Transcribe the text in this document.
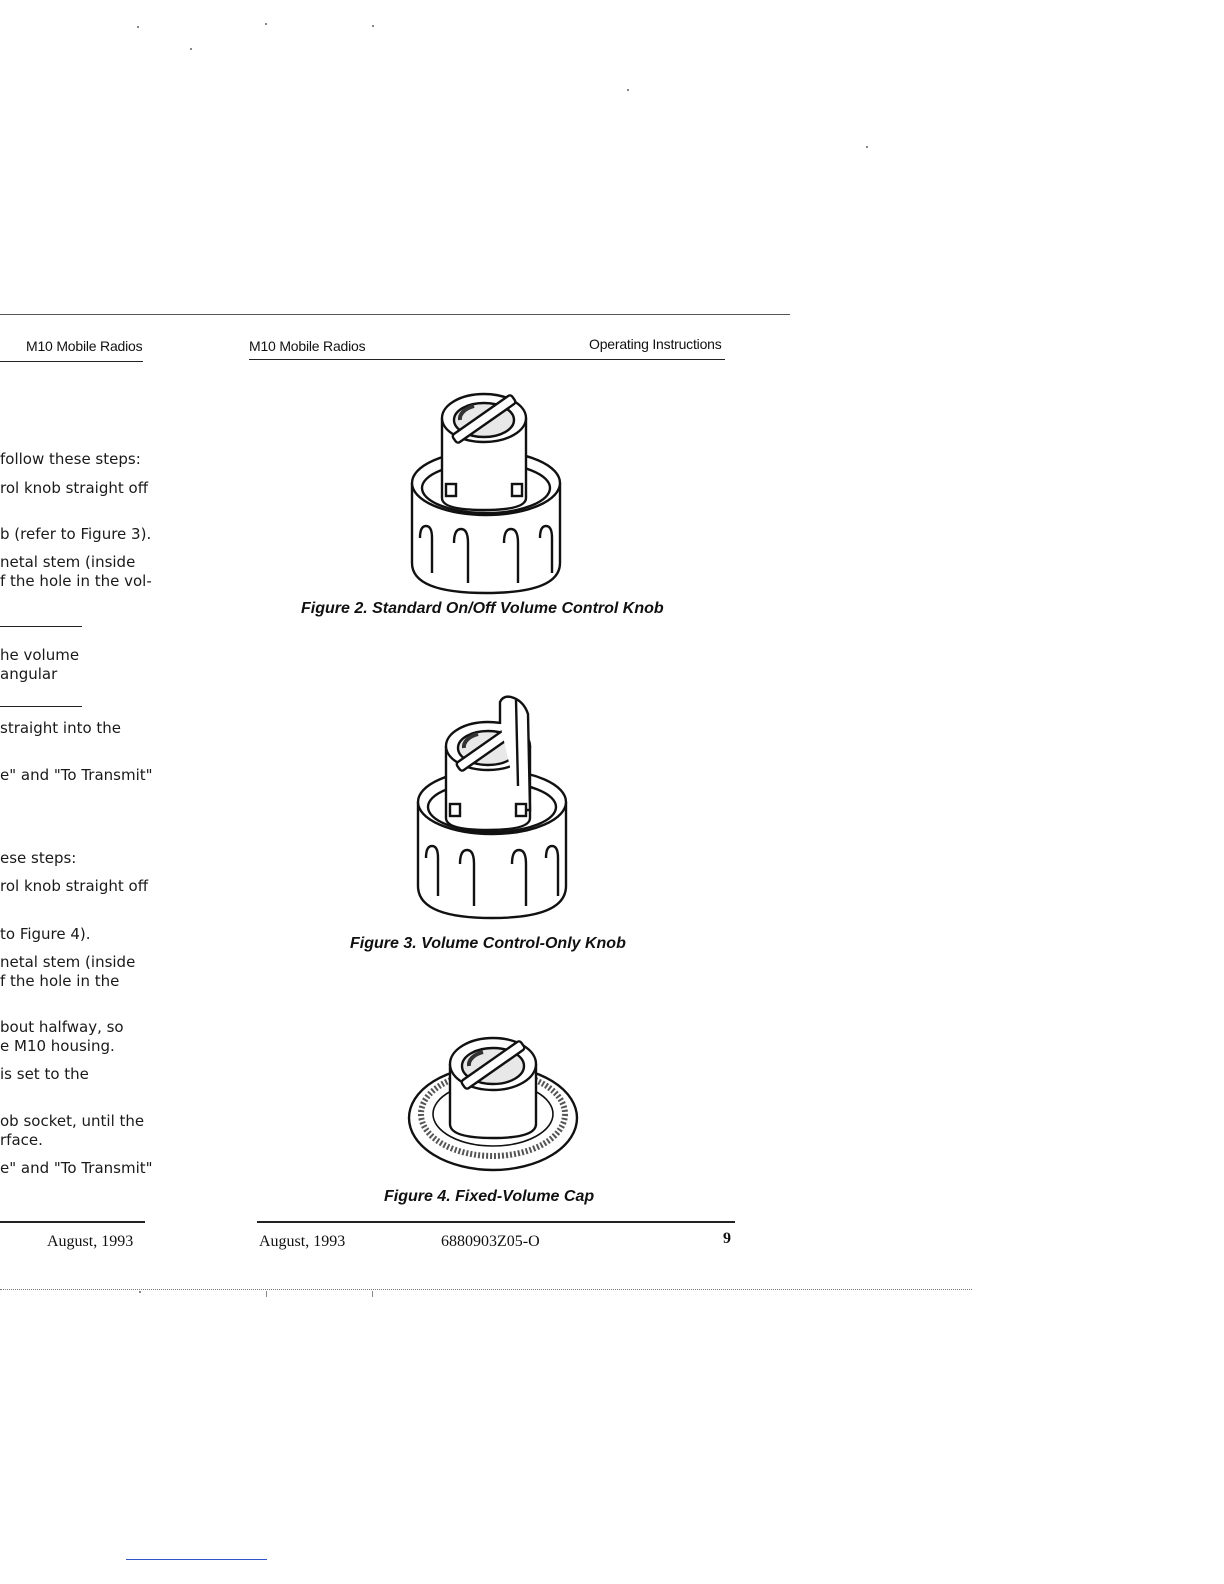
M10 Mobile Radios
follow these steps:
rol knob straight off
b (refer to Figure 3).
netal stem (inside
f the hole in the vol-
he volume
angular
straight into the
e" and "To Transmit"
ese steps:
rol knob straight off
to Figure 4).
netal stem (inside
f the hole in the
bout halfway, so
e M10 housing.
is set to the
ob socket, until the
rface.
e" and "To Transmit"
August, 1993
M10 Mobile Radios	Operating Instructions
Figure 2. Standard On/Off Volume Control Knob
Figure 3. Volume Control-Only Knob
Figure 4. Fixed-Volume Cap
August, 1993	6880903Z05-O	9
